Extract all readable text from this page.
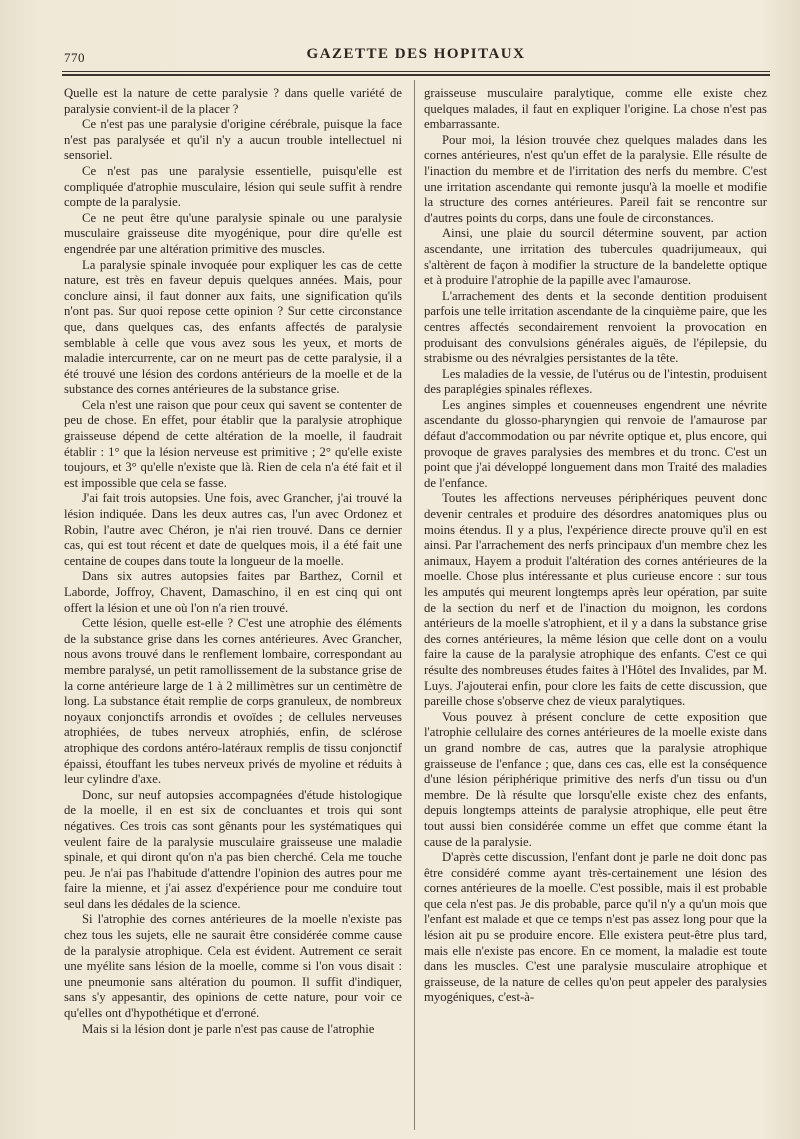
770	GAZETTE DES HOPITAUX

Quelle est la nature de cette paralysie ? dans quelle variété de paralysie convient-il de la placer ?

Ce n'est pas une paralysie d'origine cérébrale, puisque la face n'est pas paralysée et qu'il n'y a aucun trouble intellectuel ni sensoriel.

Ce n'est pas une paralysie essentielle, puisqu'elle est compliquée d'atrophie musculaire, lésion qui seule suffit à rendre compte de la paralysie.

Ce ne peut être qu'une paralysie spinale ou une paralysie musculaire graisseuse dite myogénique, pour dire qu'elle est engendrée par une altération primitive des muscles.

La paralysie spinale invoquée pour expliquer les cas de cette nature, est très en faveur depuis quelques années. Mais, pour conclure ainsi, il faut donner aux faits, une signification qu'ils n'ont pas. Sur quoi repose cette opinion ? Sur cette circonstance que, dans quelques cas, des enfants affectés de paralysie semblable à celle que vous avez sous les yeux, et morts de maladie intercurrente, car on ne meurt pas de cette paralysie, il a été trouvé une lésion des cordons antérieurs de la moelle et de la substance des cornes antérieures de la substance grise.

Cela n'est une raison que pour ceux qui savent se contenter de peu de chose. En effet, pour établir que la paralysie atrophique graisseuse dépend de cette altération de la moelle, il faudrait établir : 1° que la lésion nerveuse est primitive ; 2° qu'elle existe toujours, et 3° qu'elle n'existe que là. Rien de cela n'a été fait et il est impossible que cela se fasse.

J'ai fait trois autopsies. Une fois, avec Grancher, j'ai trouvé la lésion indiquée. Dans les deux autres cas, l'un avec Ordonez et Robin, l'autre avec Chéron, je n'ai rien trouvé. Dans ce dernier cas, qui est tout récent et date de quelques mois, il a été fait une centaine de coupes dans toute la longueur de la moelle.

Dans six autres autopsies faites par Barthez, Cornil et Laborde, Joffroy, Chavent, Damaschino, il en est cinq qui ont offert la lésion et une où l'on n'a rien trouvé.

Cette lésion, quelle est-elle ? C'est une atrophie des éléments de la substance grise dans les cornes antérieures. Avec Grancher, nous avons trouvé dans le renflement lombaire, correspondant au membre paralysé, un petit ramollissement de la substance grise de la corne antérieure large de 1 à 2 millimètres sur un centimètre de long. La substance était remplie de corps granuleux, de nombreux noyaux conjonctifs arrondis et ovoïdes ; de cellules nerveuses atrophiées, de tubes nerveux atrophiés, enfin, de sclérose atrophique des cordons antéro-latéraux remplis de tissu conjonctif épaissi, étouffant les tubes nerveux privés de myoline et réduits à leur cylindre d'axe.

Donc, sur neuf autopsies accompagnées d'étude histologique de la moelle, il en est six de concluantes et trois qui sont négatives. Ces trois cas sont gênants pour les systématiques qui veulent faire de la paralysie musculaire graisseuse une maladie spinale, et qui diront qu'on n'a pas bien cherché. Cela me touche peu. Je n'ai pas l'habitude d'attendre l'opinion des autres pour me faire la mienne, et j'ai assez d'expérience pour me conduire tout seul dans les dédales de la science.

Si l'atrophie des cornes antérieures de la moelle n'existe pas chez tous les sujets, elle ne saurait être considérée comme cause de la paralysie atrophique. Cela est évident. Autrement ce serait une myélite sans lésion de la moelle, comme si l'on vous disait : une pneumonie sans altération du poumon. Il suffit d'indiquer, sans s'y appesantir, des opinions de cette nature, pour voir ce qu'elles ont d'hypothétique et d'erroné.

Mais si la lésion dont je parle n'est pas cause de l'atrophie

graisseuse musculaire paralytique, comme elle existe chez quelques malades, il faut en expliquer l'origine. La chose n'est pas embarrassante.

Pour moi, la lésion trouvée chez quelques malades dans les cornes antérieures, n'est qu'un effet de la paralysie. Elle résulte de l'inaction du membre et de l'irritation des nerfs du membre. C'est une irritation ascendante qui remonte jusqu'à la moelle et modifie la structure des cornes antérieures. Pareil fait se rencontre sur d'autres points du corps, dans une foule de circonstances.

Ainsi, une plaie du sourcil détermine souvent, par action ascendante, une irritation des tubercules quadrijumeaux, qui s'altèrent de façon à modifier la structure de la bandelette optique et à produire l'atrophie de la papille avec l'amaurose.

L'arrachement des dents et la seconde dentition produisent parfois une telle irritation ascendante de la cinquième paire, que les centres affectés secondairement renvoient la provocation en produisant des convulsions générales aiguës, de l'épilepsie, du strabisme ou des névralgies persistantes de la tête.

Les maladies de la vessie, de l'utérus ou de l'intestin, produisent des paraplégies spinales réflexes.

Les angines simples et couenneuses engendrent une névrite ascendante du glosso-pharyngien qui renvoie de l'amaurose par défaut d'accommodation ou par névrite optique et, plus encore, qui provoque de graves paralysies des membres et du tronc. C'est un point que j'ai développé longuement dans mon Traité des maladies de l'enfance.

Toutes les affections nerveuses périphériques peuvent donc devenir centrales et produire des désordres anatomiques plus ou moins étendus. Il y a plus, l'expérience directe prouve qu'il en est ainsi. Par l'arrachement des nerfs principaux d'un membre chez les animaux, Hayem a produit l'altération des cornes antérieures de la moelle. Chose plus intéressante et plus curieuse encore : sur tous les amputés qui meurent longtemps après leur opération, par suite de la section du nerf et de l'inaction du moignon, les cordons antérieurs de la moelle s'atrophient, et il y a dans la substance grise des cornes antérieures, la même lésion que celle dont on a voulu faire la cause de la paralysie atrophique des enfants. C'est ce qui résulte des nombreuses études faites à l'Hôtel des Invalides, par M. Luys. J'ajouterai enfin, pour clore les faits de cette discussion, que pareille chose s'observe chez de vieux paralytiques.

Vous pouvez à présent conclure de cette exposition que l'atrophie cellulaire des cornes antérieures de la moelle existe dans un grand nombre de cas, autres que la paralysie atrophique graisseuse de l'enfance ; que, dans ces cas, elle est la conséquence d'une lésion périphérique primitive des nerfs d'un tissu ou d'un membre. De là résulte que lorsqu'elle existe chez des enfants, depuis longtemps atteints de paralysie atrophique, elle peut être tout aussi bien considérée comme un effet que comme étant la cause de la paralysie.

D'après cette discussion, l'enfant dont je parle ne doit donc pas être considéré comme ayant très-certainement une lésion des cornes antérieures de la moelle. C'est possible, mais il est probable que cela n'est pas. Je dis probable, parce qu'il n'y a qu'un mois que l'enfant est malade et que ce temps n'est pas assez long pour que la lésion ait pu se produire encore. Elle existera peut-être plus tard, mais elle n'existe pas encore. En ce moment, la maladie est toute dans les muscles. C'est une paralysie musculaire atrophique et graisseuse, de la nature de celles qu'on peut appeler des paralysies myogéniques, c'est-à-
